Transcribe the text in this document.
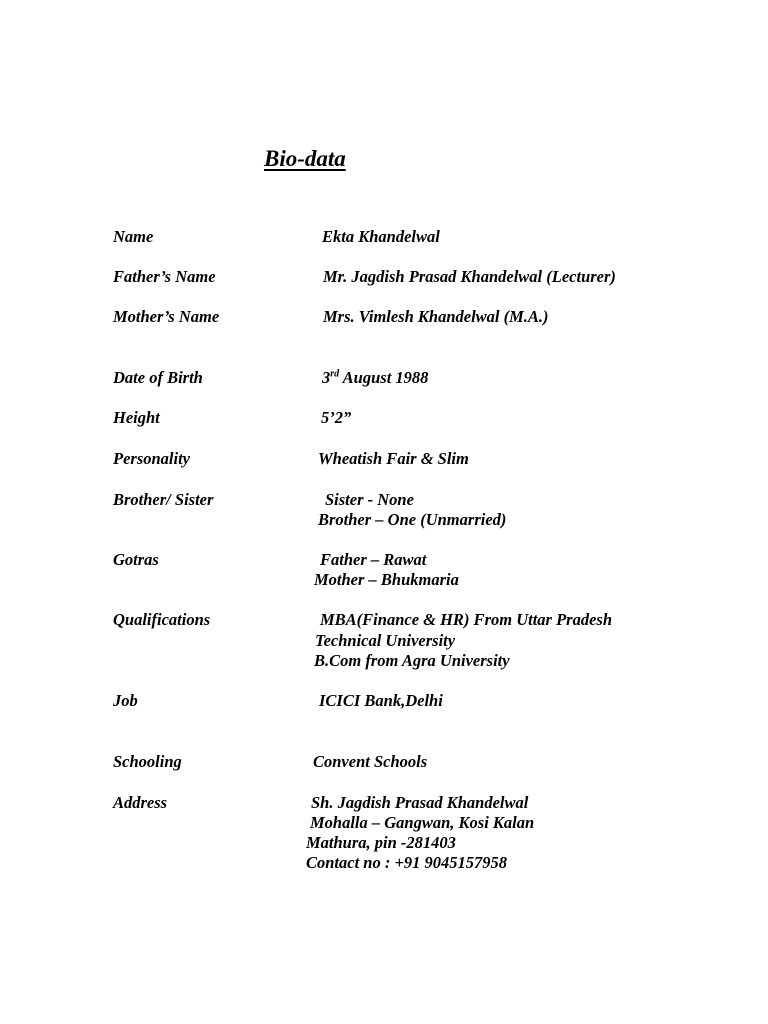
Bio-data
Name	Ekta Khandelwal
Father’s Name	Mr. Jagdish Prasad Khandelwal (Lecturer)
Mother’s Name	Mrs. Vimlesh Khandelwal (M.A.)
Date of Birth	3rd August 1988
Height	5’2”
Personality	Wheatish Fair & Slim
Brother/ Sister	Sister - None
Brother – One (Unmarried)
Gotras	Father – Rawat
Mother – Bhukmaria
Qualifications	MBA(Finance & HR) From Uttar Pradesh
Technical University
B.Com from Agra University
Job	ICICI Bank,Delhi
Schooling	Convent Schools
Address	Sh. Jagdish Prasad Khandelwal
Mohalla – Gangwan, Kosi Kalan
Mathura, pin -281403
Contact no : +91 9045157958
